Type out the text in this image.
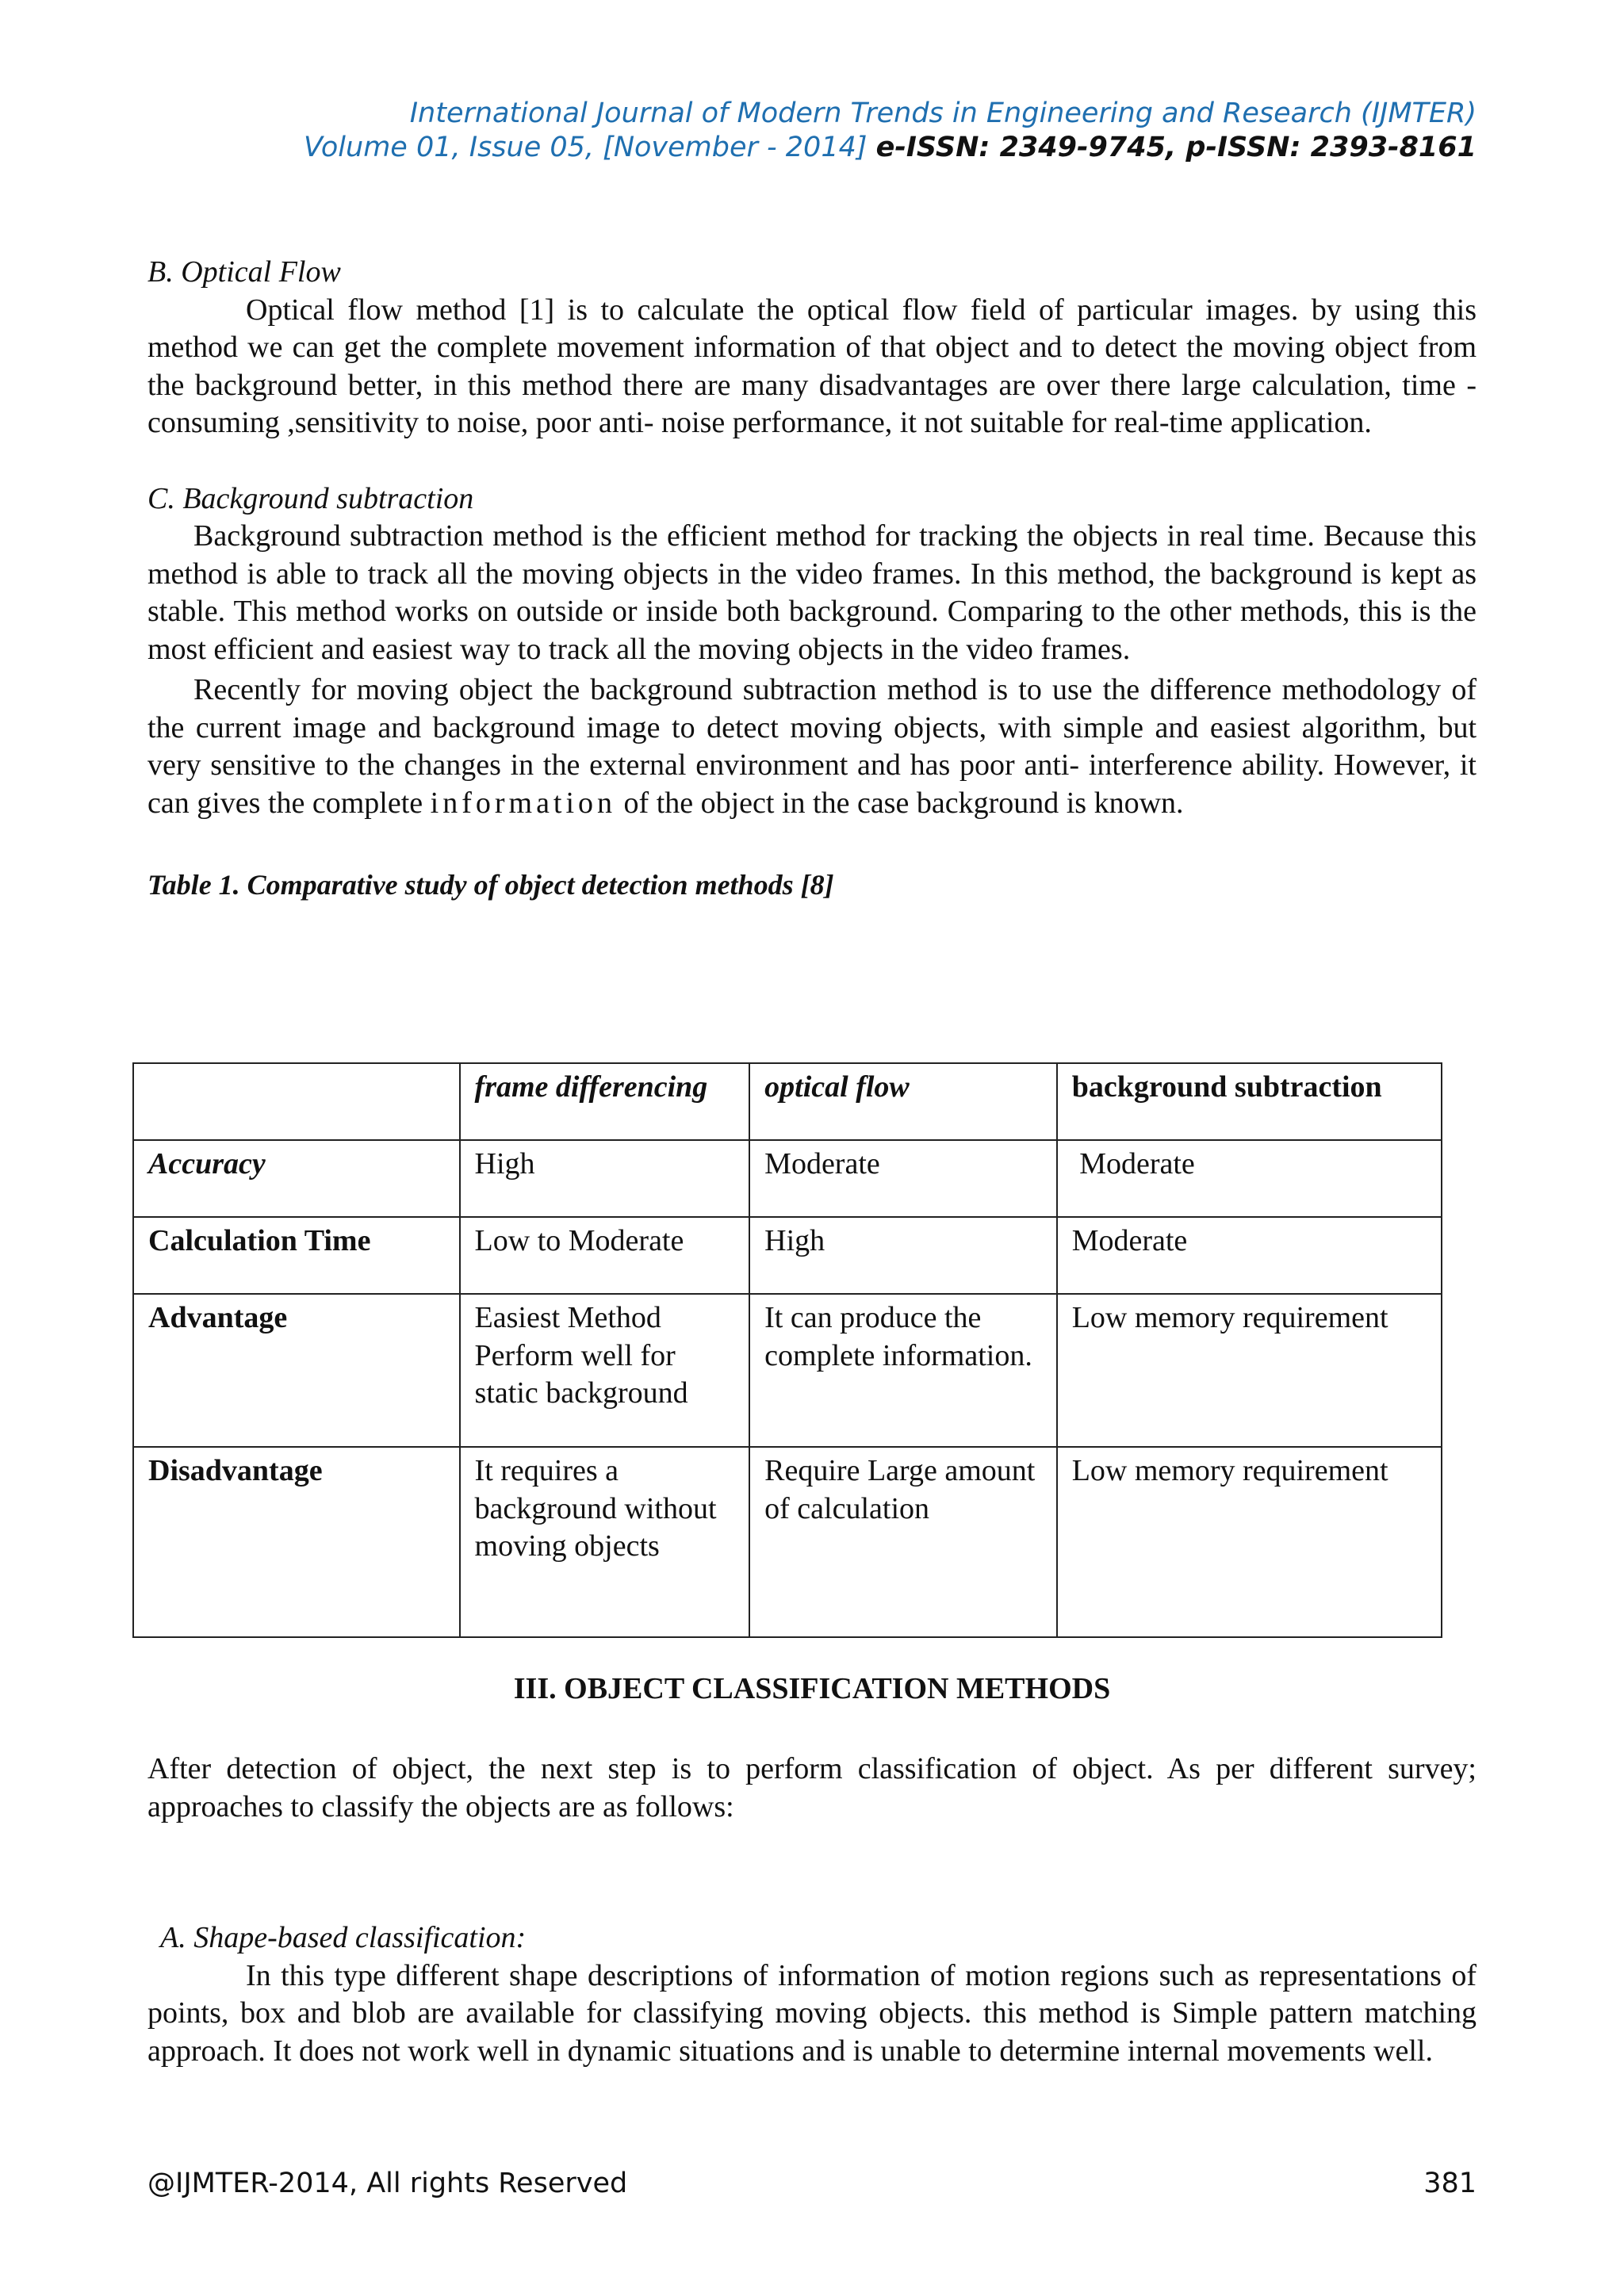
International Journal of Modern Trends in Engineering and Research (IJMTER)
Volume 01, Issue 05, [November - 2014] e-ISSN: 2349-9745, p-ISSN: 2393-8161

B. Optical Flow

Optical flow method [1] is to calculate the optical flow field of particular images. by using this method we can get the complete movement information of that object and to detect the moving object from the background better, in this method there are many disadvantages are over there large calculation, time -consuming ,sensitivity to noise, poor anti- noise performance, it not suitable for real-time application.

C. Background subtraction

Background subtraction method is the efficient method for tracking the objects in real time. Because this method is able to track all the moving objects in the video frames. In this method, the background is kept as stable. This method works on outside or inside both background. Comparing to the other methods, this is the most efficient and easiest way to track all the moving objects in the video frames.

Recently for moving object the background subtraction method is to use the difference methodology of the current image and background image to detect moving objects, with simple and easiest algorithm, but very sensitive to the changes in the external environment and has poor anti- interference ability. However, it can gives the complete information of the object in the case background is known.

Table 1. Comparative study of object detection methods [8]

	frame differencing	optical flow	background subtraction
Accuracy	High	Moderate	Moderate
Calculation Time	Low to Moderate	High	Moderate
Advantage	Easiest Method Perform well for static background	It can produce the complete information.	Low memory requirement
Disadvantage	It requires a background without moving objects	Require Large amount of calculation	Low memory requirement
III. OBJECT CLASSIFICATION METHODS

After detection of object, the next step is to perform classification of object. As per different survey; approaches to classify the objects are as follows:

A. Shape-based classification:

In this type different shape descriptions of information of motion regions such as representations of points, box and blob are available for classifying moving objects. this method is Simple pattern matching approach. It does not work well in dynamic situations and is unable to determine internal movements well.

@IJMTER-2014, All rights Reserved	381
